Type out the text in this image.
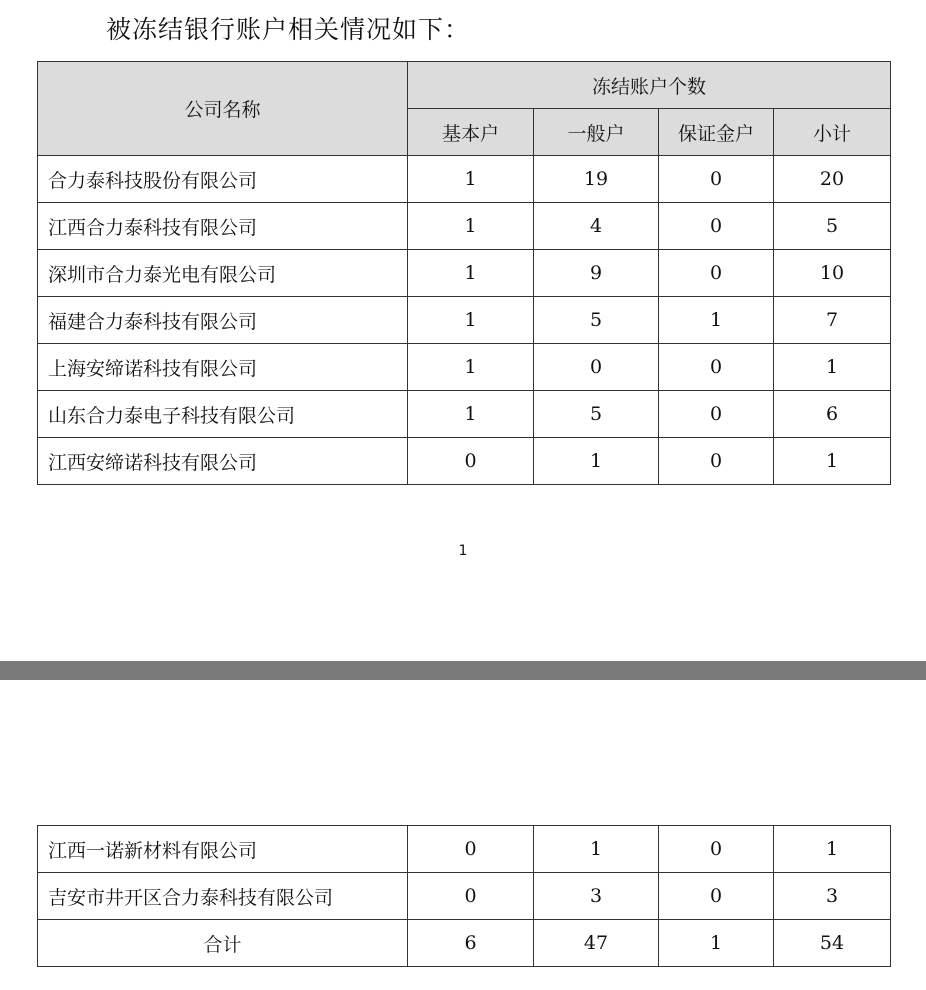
被冻结银行账户相关情况如下：
公司名称	冻结账户个数			
	基本户	一般户	保证金户	小计
合力泰科技股份有限公司	1	19	0	20
江西合力泰科技有限公司	1	4	0	5
深圳市合力泰光电有限公司	1	9	0	10
福建合力泰科技有限公司	1	5	1	7
上海安缔诺科技有限公司	1	0	0	1
山东合力泰电子科技有限公司	1	5	0	6
江西安缔诺科技有限公司	0	1	0	1
1
江西一诺新材料有限公司	0	1	0	1
吉安市井开区合力泰科技有限公司	0	3	0	3
合计	6	47	1	54
